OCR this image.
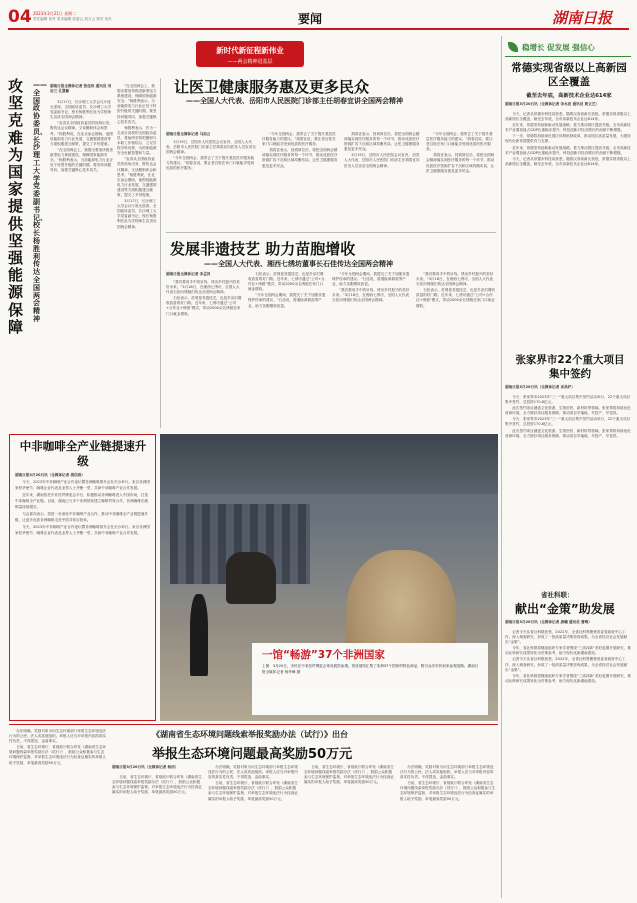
04 2023年3月21日 星期二
责任编辑 易丹 美术编辑 张碧云 刘万云 校对 吴肖	要闻	湖南日报
新时代新征程新伟业
——两会精神进基层
攻坚克难为国家提供坚强能源保障
——全国政协委员、长沙理工大学党委副书记、校长杨胜利传达全国两会精神
湖南日报全媒体记者 张佳伟 通讯员 刘启兰 孔慧紫

3月17日，长沙理工大学会议厅座无虚席。全国政协委员、长沙理工大学党委副书记、校长杨胜利在此为学校师生宣讲全国两会精神。

“宣讲从全国政协委员的视角出发，既传达会议精神，又谈履职体会和思考。”杨胜利说，在北京参会期间，他围绕能源电力行业发展、交通强国建设等方面积极建言献策，提交了多份提案。

“在全国两会上，我提出要加快推进新型电力系统建设，保障国家能源安全。”杨胜利表示，当前能源电力行业正处于转型升级的关键时期，要坚持问题导向，加强关键核心技术攻关。

“在全国两会上，我提出要加快推进新型电力系统建设，保障国家能源安全。”杨胜利表示，当前能源电力行业正处于转型升级的关键时期，要坚持问题导向，加强关键核心技术攻关。

杨胜利表示，作为一名来自高校的全国政协委员，将始终坚持把履职与本职工作相结合，立足学校学科优势，为国家能源安全贡献智慧和力量。

“宣讲从全国政协委员的视角出发，既传达会议精神，又谈履职体会和思考。”杨胜利说，在北京参会期间，他围绕能源电力行业发展、交通强国建设等方面积极建言献策，提交了多份提案。

3月17日，长沙理工大学会议厅座无虚席。全国政协委员、长沙理工大学党委副书记、校长杨胜利在此为学校师生宣讲全国两会精神。

让医卫健康服务惠及更多民众
——全国人大代表、岳阳市人民医院门诊部主任胡春宜讲全国两会精神
湖南日报全媒体记者 马如云

3月19日，岳阳市人民医院会议室内，全国人大代表、岳阳市人民医院门诊部主任胡春宜向医务人员宣讲全国两会精神。

“今年全国两会，我带去了关于提升基层医疗服务能力的建议。”胡春宜说，要让老百姓在家门口就能享受到优质的医疗服务。

“今年全国两会，我带去了关于提升基层医疗服务能力的建议。”胡春宜说，要让老百姓在家门口就能享受到优质的医疗服务。

胡春宜表示，回到岗位后，将把全国两会精神落实到医疗服务的每一个环节，推动优质医疗资源扩容下沉和区域均衡布局，让医卫健康服务惠及更多民众。

胡春宜表示，回到岗位后，将把全国两会精神落实到医疗服务的每一个环节，推动优质医疗资源扩容下沉和区域均衡布局，让医卫健康服务惠及更多民众。

3月19日，岳阳市人民医院会议室内，全国人大代表、岳阳市人民医院门诊部主任胡春宜向医务人员宣讲全国两会精神。

“今年全国两会，我带去了关于提升基层医疗服务能力的建议。”胡春宜说，要让老百姓在家门口就能享受到优质的医疗服务。

胡春宜表示，回到岗位后，将把全国两会精神落实到医疗服务的每一个环节，推动优质医疗资源扩容下沉和区域均衡布局，让医卫健康服务惠及更多民众。

发展非遗技艺 助力苗胞增收
——全国人大代表、湘西七绣坊董事长石佳传达全国两会精神
湖南日报全媒体记者 李孟河

“我们要用手中的针线，绣出乡村振兴的美好未来。”3月18日，在湘西七绣坊，全国人大代表石佳向绣娘们传达全国两会精神。

石佳表示，苗绣是非遗技艺，也是乡亲们增收致富的好门路。近年来，七绣坊通过“公司+合作社+绣娘”模式，带动2000余名绣娘在家门口就业增收。

石佳表示，苗绣是非遗技艺，也是乡亲们增收致富的好门路。近年来，七绣坊通过“公司+合作社+绣娘”模式，带动2000余名绣娘在家门口就业增收。

“今年全国两会期间，我提交了关于加强非遗保护传承的建议。”石佳说，将继续深耕苗绣产业，助力苗胞增收致富。

“今年全国两会期间，我提交了关于加强非遗保护传承的建议。”石佳说，将继续深耕苗绣产业，助力苗胞增收致富。

“我们要用手中的针线，绣出乡村振兴的美好未来。”3月18日，在湘西七绣坊，全国人大代表石佳向绣娘们传达全国两会精神。

“我们要用手中的针线，绣出乡村振兴的美好未来。”3月18日，在湘西七绣坊，全国人大代表石佳向绣娘们传达全国两会精神。

石佳表示，苗绣是非遗技艺，也是乡亲们增收致富的好门路。近年来，七绣坊通过“公司+合作社+绣娘”模式，带动2000余名绣娘在家门口就业增收。

中非咖啡全产业链提速升级
湖南日报3月20日讯（全媒体记者 胡信春）

今天，2023年中非咖啡产业合作论坛暨非洲咖啡推介会在长沙举行。来自非洲国家驻华使节、咖啡企业代表及业界人士齐聚一堂，共商中非咖啡产业合作发展。

近年来，湖南依托中非经贸博览会平台，积极推动非洲咖啡进入中国市场，打造中非咖啡全产业链。目前，湖南已与多个非洲国家建立咖啡贸易合作，非洲咖啡在湘销量持续增长。

与会嘉宾表示，将进一步深化中非咖啡产业合作，推动中非咖啡全产业链提速升级，让更多优质非洲咖啡走进中国寻常百姓家。

今天，2023年中非咖啡产业合作论坛暨非洲咖啡推介会在长沙举行。来自非洲国家驻华使节、咖啡企业代表及业界人士齐聚一堂，共商中非咖啡产业合作发展。

一馆“畅游”37个非洲国家
上图：3月20日，市民在中非经贸博览会常设展馆参观。常设展馆汇集了非洲37个国家的特色商品，吸引众多市民前来参观选购。湖南日报全媒体记者 杨华峰 摄

办法明确，奖励对象为向生态环境部门举报生态环境违法行为的公民、法人或其他组织。举报人应当对举报内容的真实性负责，不得捏造、歪曲事实。

日前，省生态环境厅、省财政厅联合印发《湖南省生态环境问题线索举报奖励办法（试行）》，鼓励公众积极参与生态环境保护监督，对举报生态环境违法行为经查证属实的举报人给予奖励，单笔最高奖励50万元。

《湖南省生态环境问题线索举报奖励办法（试行）》出台
举报生态环境问题最高奖励50万元
湖南日报3月20日讯（全媒体记者 杨洁）

日前，省生态环境厅、省财政厅联合印发《湖南省生态环境问题线索举报奖励办法（试行）》，鼓励公众积极参与生态环境保护监督，对举报生态环境违法行为经查证属实的举报人给予奖励，单笔最高奖励50万元。

办法明确，奖励对象为向生态环境部门举报生态环境违法行为的公民、法人或其他组织。举报人应当对举报内容的真实性负责，不得捏造、歪曲事实。

日前，省生态环境厅、省财政厅联合印发《湖南省生态环境问题线索举报奖励办法（试行）》，鼓励公众积极参与生态环境保护监督，对举报生态环境违法行为经查证属实的举报人给予奖励，单笔最高奖励50万元。

日前，省生态环境厅、省财政厅联合印发《湖南省生态环境问题线索举报奖励办法（试行）》，鼓励公众积极参与生态环境保护监督，对举报生态环境违法行为经查证属实的举报人给予奖励，单笔最高奖励50万元。

办法明确，奖励对象为向生态环境部门举报生态环境违法行为的公民、法人或其他组织。举报人应当对举报内容的真实性负责，不得捏造、歪曲事实。

日前，省生态环境厅、省财政厅联合印发《湖南省生态环境问题线索举报奖励办法（试行）》，鼓励公众积极参与生态环境保护监督，对举报生态环境违法行为经查证属实的举报人给予奖励，单笔最高奖励50万元。

稳增长 促发展 强信心
常德实现省级以上高新园区全覆盖
截至去年底，高新技术企业达614家
湖南日报3月20日讯（全媒体记者 李永亮 通讯员 黄文艺）

今天，记者从常德市科技局获悉，随着汉寿高新区获批，常德实现省级以上高新园区全覆盖。截至去年底，全市高新技术企业达614家。

近年来，常德坚持创新驱动发展战略，着力推动园区提质升级。全市高新技术产业增加值占GDP比重稳步提升，科技创新对经济增长的贡献不断增强。

下一步，常德将持续深化园区体制机制改革，推动园区高质量发展，为建设现代化新常德提供有力支撑。

近年来，常德坚持创新驱动发展战略，着力推动园区提质升级。全市高新技术产业增加值占GDP比重稳步提升，科技创新对经济增长的贡献不断增强。

今天，记者从常德市科技局获悉，随着汉寿高新区获批，常德实现省级以上高新园区全覆盖。截至去年底，全市高新技术企业达614家。

张家界市22个重大项目集中签约
湖南日报3月20日讯（全媒体记者 邓昌炉）

今天，张家界市2023年“三一”重大项目集中签约活动举行，22个重大项目集中签约，总投资170.8亿元。

此次签约项目涵盖文化旅游、生物医药、新材料等领域。张家界将持续优化营商环境，全力做好项目服务保障，推动项目早落地、早投产、早见效。

今天，张家界市2023年“三一”重大项目集中签约活动举行，22个重大项目集中签约，总投资170.8亿元。

此次签约项目涵盖文化旅游、生物医药、新材料等领域。张家界将持续优化营商环境，全力做好项目服务保障，推动项目早落地、早投产、早见效。

省社科联：
献出“金策”助发展
湖南日报3月20日讯（全媒体记者 唐曦 通讯员 曹梅）

记者今天从省社科联获悉，2022年，全省社科界聚焦省委省政府中心工作，深入调查研究，形成了一批高质量决策咨询成果，为全省经济社会发展献出“金策”。

今年，省社科联将继续组织专家学者围绕“三高四新”美好蓝图开展研究，推动社科研究成果转化为决策参考，助力现代化新湖南建设。

记者今天从省社科联获悉，2022年，全省社科界聚焦省委省政府中心工作，深入调查研究，形成了一批高质量决策咨询成果，为全省经济社会发展献出“金策”。

今年，省社科联将继续组织专家学者围绕“三高四新”美好蓝图开展研究，推动社科研究成果转化为决策参考，助力现代化新湖南建设。
